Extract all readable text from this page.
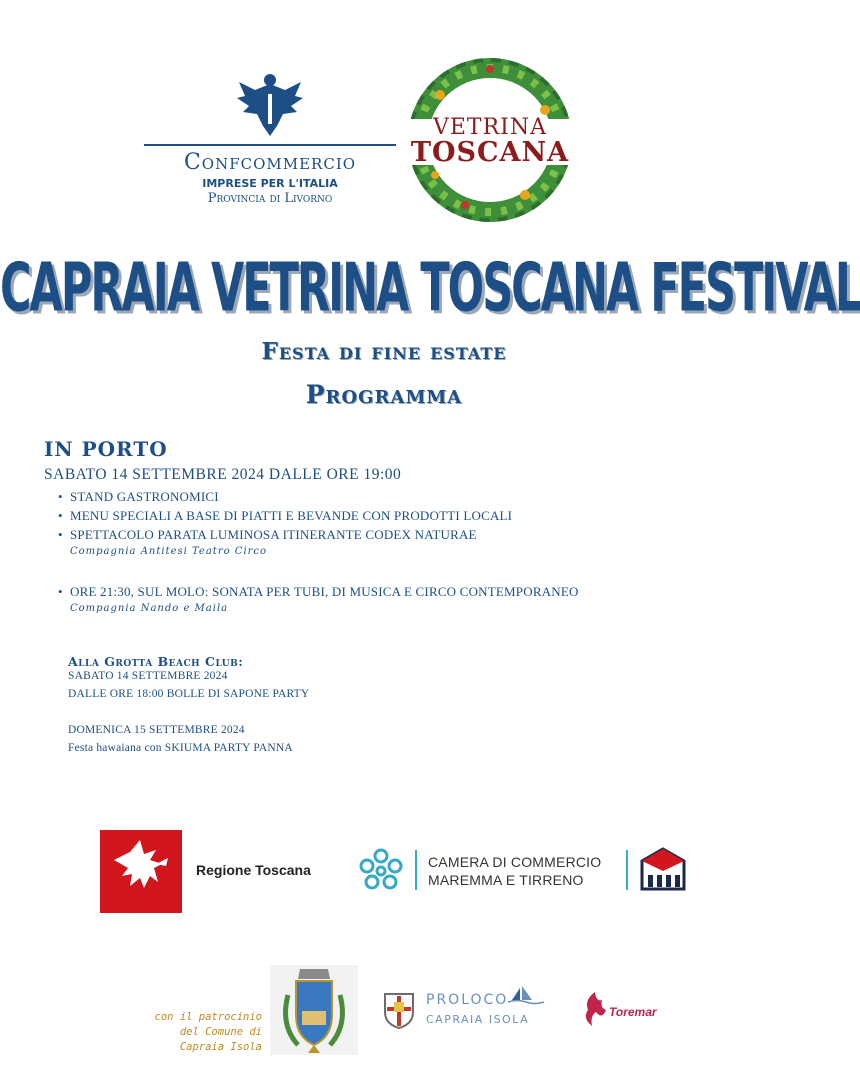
Confcommercio
IMPRESE PER L'ITALIA
Provincia di Livorno
VETRINA
TOSCANA
CAPRAIA VETRINA TOSCANA FESTIVAL
Festa di fine estate
Programma
IN PORTO
SABATO 14 SETTEMBRE 2024 DALLE ORE 19:00
• STAND GASTRONOMICI
• MENU SPECIALI A BASE DI PIATTI E BEVANDE CON PRODOTTI LOCALI
• SPETTACOLO PARATA LUMINOSA ITINERANTE CODEX NATURAE
Compagnia Antitesi Teatro Circo
• ORE 21:30, SUL MOLO: SONATA PER TUBI, DI MUSICA E CIRCO CONTEMPORANEO
Compagnia Nando e Maila
Alla Grotta Beach Club:
SABATO 14 SETTEMBRE 2024
DALLE ORE 18:00 BOLLE DI SAPONE PARTY
DOMENICA 15 SETTEMBRE 2024
Festa hawaiana con SKIUMA PARTY PANNA
Regione Toscana	CAMERA DI COMMERCIO
MAREMMA E TIRRENO
con il patrocinio
del Comune di
Capraia Isola
PROLOCO
CAPRAIA ISOLA
Toremar
